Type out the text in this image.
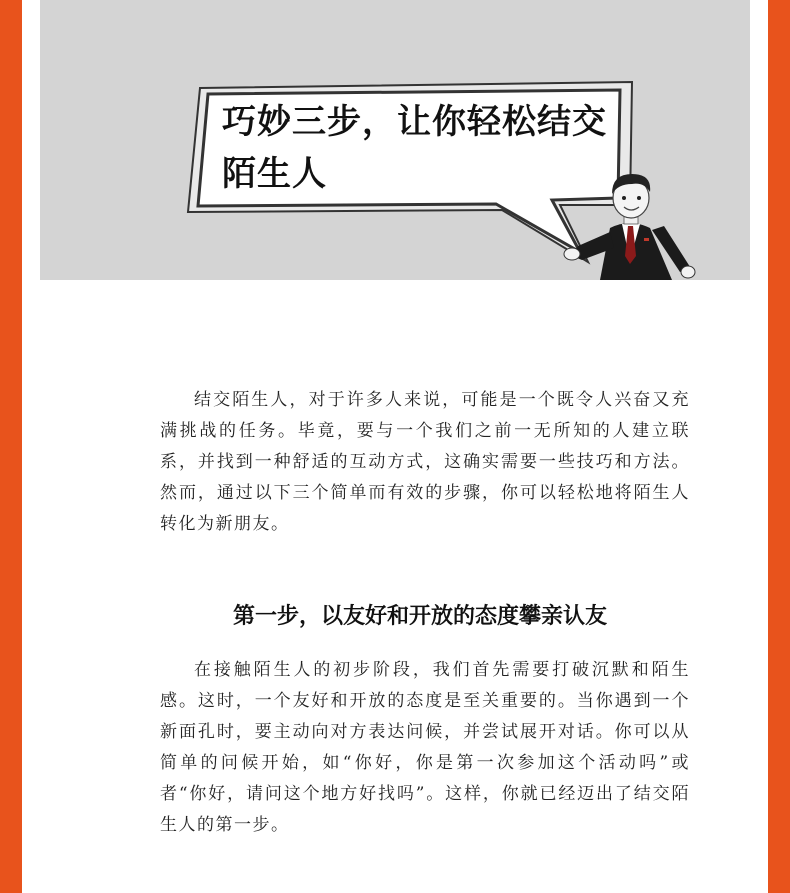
巧妙三步，让你轻松结交陌生人

结交陌生人，对于许多人来说，可能是一个既令人兴奋又充满挑战的任务。毕竟，要与一个我们之前一无所知的人建立联系，并找到一种舒适的互动方式，这确实需要一些技巧和方法。然而，通过以下三个简单而有效的步骤，你可以轻松地将陌生人转化为新朋友。

第一步，以友好和开放的态度攀亲认友

在接触陌生人的初步阶段，我们首先需要打破沉默和陌生感。这时，一个友好和开放的态度是至关重要的。当你遇到一个新面孔时，要主动向对方表达问候，并尝试展开对话。你可以从简单的问候开始，如“你好，你是第一次参加这个活动吗”或者“你好，请问这个地方好找吗”。这样，你就已经迈出了结交陌生人的第一步。
